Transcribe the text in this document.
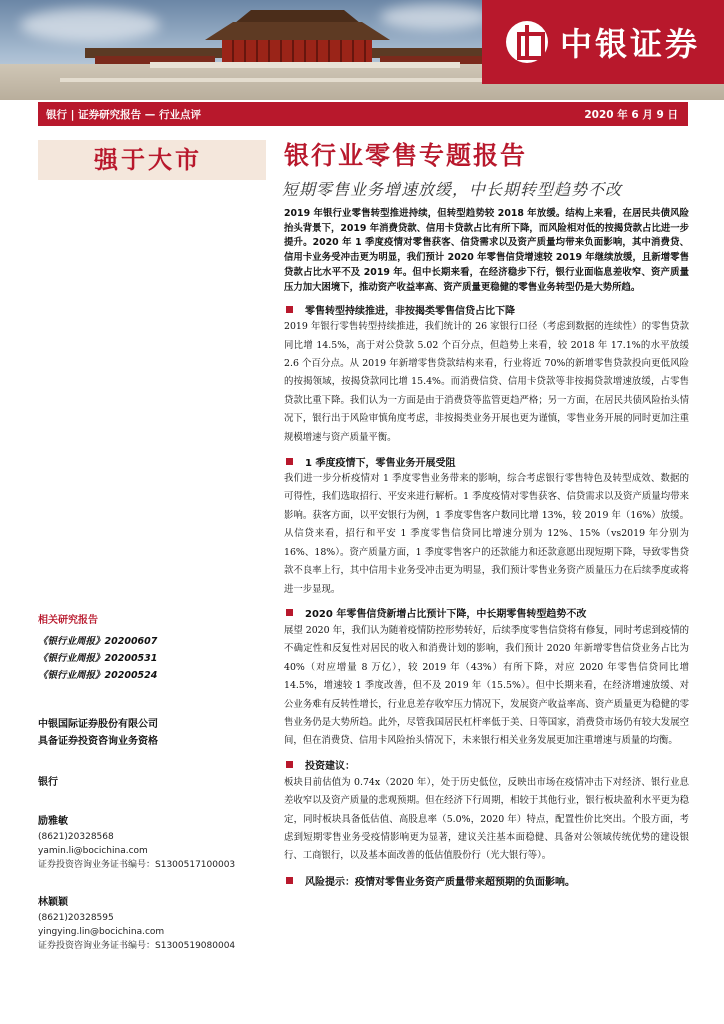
中银证券
银行 | 证券研究报告 — 行业点评	2020 年 6 月 9 日
强于大市	银行业零售专题报告
短期零售业务增速放缓，中长期转型趋势不改
2019 年银行业零售转型推进持续，但转型趋势较 2018 年放缓。结构上来看，在居民共债风险抬头背景下，2019 年消费贷款、信用卡贷款占比有所下降，而风险相对低的按揭贷款占比进一步提升。2020 年 1 季度疫情对零售获客、信贷需求以及资产质量均带来负面影响，其中消费贷、信用卡业务受冲击更为明显，我们预计 2020 年零售信贷增速较 2019 年继续放缓，且新增零售贷款占比水平不及 2019 年。但中长期来看，在经济稳步下行，银行业面临息差收窄、资产质量压力加大困境下，推动资产收益率高、资产质量更稳健的零售业务转型仍是大势所趋。
零售转型持续推进，非按揭类零售信贷占比下降
2019 年银行零售转型持续推进，我们统计的 26 家银行口径（考虑到数据的连续性）的零售贷款同比增 14.5%，高于对公贷款 5.02 个百分点，但趋势上来看，较 2018 年 17.1%的水平放缓 2.6 个百分点。从 2019 年新增零售贷款结构来看，行业将近 70%的新增零售贷款投向更低风险的按揭领域，按揭贷款同比增 15.4%。而消费信贷、信用卡贷款等非按揭贷款增速放缓，占零售贷款比重下降。我们认为一方面是由于消费贷等监管更趋严格；另一方面，在居民共债风险抬头情况下，银行出于风险审慎角度考虑，非按揭类业务开展也更为谨慎，零售业务开展的同时更加注重规模增速与资产质量平衡。
1 季度疫情下，零售业务开展受阻
我们进一步分析疫情对 1 季度零售业务带来的影响，综合考虑银行零售特色及转型成效、数据的可得性，我们选取招行、平安来进行解析。1 季度疫情对零售获客、信贷需求以及资产质量均带来影响。获客方面，以平安银行为例，1 季度零售客户数同比增 13%，较 2019 年（16%）放缓。从信贷来看，招行和平安 1 季度零售信贷同比增速分别为 12%、15%（vs2019 年分别为 16%、18%）。资产质量方面，1 季度零售客户的还款能力和还款意愿出现短期下降，导致零售贷款不良率上行，其中信用卡业务受冲击更为明显，我们预计零售业务资产质量压力在后续季度或将进一步显现。
2020 年零售信贷新增占比预计下降，中长期零售转型趋势不改
展望 2020 年，我们认为随着疫情防控形势转好，后续季度零售信贷将有修复，同时考虑到疫情的不确定性和反复性对居民的收入和消费计划的影响，我们预计 2020 年新增零售信贷业务占比为 40%（对应增量 8 万亿），较 2019 年（43%）有所下降，对应 2020 年零售信贷同比增 14.5%，增速较 1 季度改善，但不及 2019 年（15.5%）。但中长期来看，在经济增速放缓、对公业务难有反转性增长，行业息差存收窄压力情况下，发展资产收益率高、资产质量更为稳健的零售业务仍是大势所趋。此外，尽管我国居民杠杆率低于美、日等国家，消费贷市场仍有较大发展空间，但在消费贷、信用卡风险抬头情况下，未来银行相关业务发展更加注重增速与质量的均衡。
投资建议：
板块目前估值为 0.74x（2020 年），处于历史低位，反映出市场在疫情冲击下对经济、银行业息差收窄以及资产质量的悲观预期。但在经济下行周期，相较于其他行业，银行板块盈利水平更为稳定，同时板块具备低估值、高股息率（5.0%，2020 年）特点，配置性价比突出。个股方面，考虑到短期零售业务受疫情影响更为显著，建议关注基本面稳健、具备对公领域传统优势的建设银行、工商银行，以及基本面改善的低估值股份行（光大银行等）。
风险提示：疫情对零售业务资产质量带来超预期的负面影响。
相关研究报告
《银行业周报》20200607
《银行业周报》20200531
《银行业周报》20200524
中银国际证券股份有限公司
具备证券投资咨询业务资格
银行
励雅敏
(8621)20328568
yamin.li@bocichina.com
证券投资咨询业务证书编号：S1300517100003
林颖颖
(8621)20328595
yingying.lin@bocichina.com
证券投资咨询业务证书编号：S1300519080004
